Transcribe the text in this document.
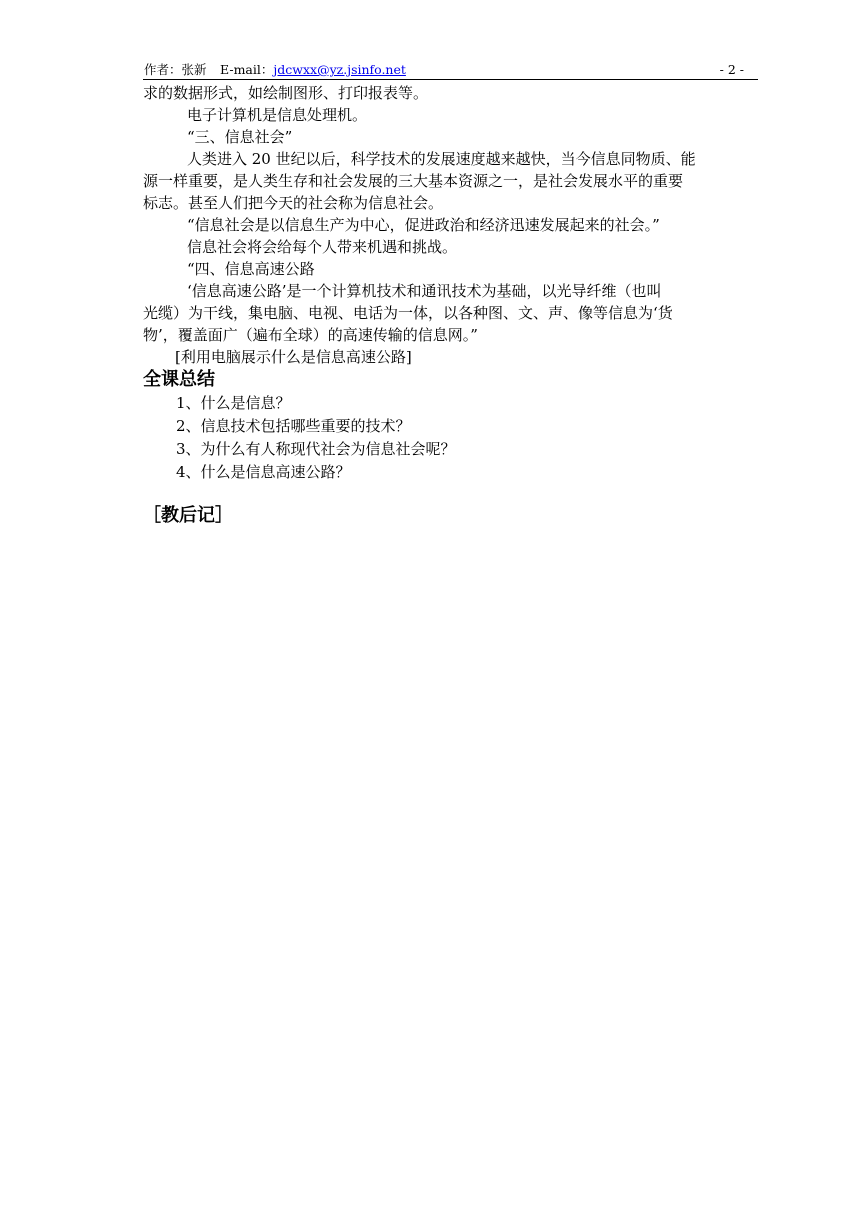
作者：张新 E-mail：jdcwxx@yz.jsinfo.net	- 2 -

求的数据形式，如绘制图形、打印报表等。

电子计算机是信息处理机。

“三、信息社会”

人类进入 20 世纪以后，科学技术的发展速度越来越快，当今信息同物质、能
源一样重要，是人类生存和社会发展的三大基本资源之一，是社会发展水平的重要
标志。甚至人们把今天的社会称为信息社会。

“信息社会是以信息生产为中心，促进政治和经济迅速发展起来的社会。”

信息社会将会给每个人带来机遇和挑战。

“四、信息高速公路

‘信息高速公路’是一个计算机技术和通讯技术为基础，以光导纤维（也叫
光缆）为干线，集电脑、电视、电话为一体，以各种图、文、声、像等信息为‘货
物’，覆盖面广（遍布全球）的高速传输的信息网。”

[利用电脑展示什么是信息高速公路]

全课总结
1、什么是信息？
2、信息技术包括哪些重要的技术？
3、为什么有人称现代社会为信息社会呢？
4、什么是信息高速公路？
［教后记］
